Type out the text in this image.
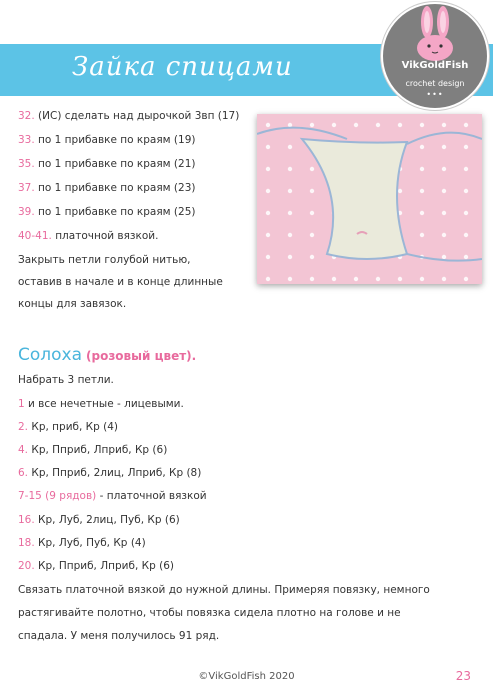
Зайка спицами	VikGoldFish
crochet design
•••
32. (ИС) сделать над дырочкой 3вп (17)
33. по 1 прибавке по краям (19)
35. по 1 прибавке по краям (21)
37. по 1 прибавке по краям (23)
39. по 1 прибавке по краям (25)
40-41. платочной вязкой.
Закрыть петли голубой нитью,
оставив в начале и в конце длинные
концы для завязок.
Солоха (розовый цвет).
Набрать 3 петли.
1 и все нечетные - лицевыми.
2. Кр, приб, Кр (4)
4. Кр, Пприб, Лприб, Кр (6)
6. Кр, Пприб, 2лиц, Лприб, Кр (8)
7-15 (9 рядов) - платочной вязкой
16. Кр, Луб, 2лиц, Пуб, Кр (6)
18. Кр, Луб, Пуб, Кр (4)
20. Кр, Пприб, Лприб, Кр (6)
Связать платочной вязкой до нужной длины. Примеряя повязку, немного
растягивайте полотно, чтобы повязка сидела плотно на голове и не
спадала. У меня получилось 91 ряд.
©VikGoldFish 2020	23
